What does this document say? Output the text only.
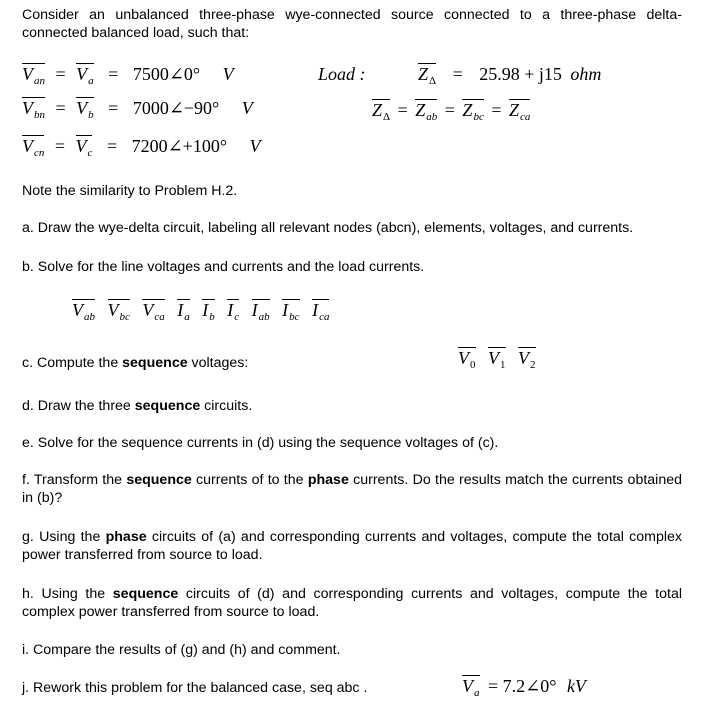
Consider an unbalanced three-phase wye-connected source connected to a three-phase delta-connected balanced load, such that:
$V_{an} = V_a$ = 7500∠0° V
$V_{bn} = V_b$ = 7000∠−90° V
$V_{cn} = V_c$ = 7200∠+100° V
Load :	$Z_\Delta = 25.98 + j15$ ohm
$Z_\Delta = Z_{ab} = Z_{bc} = Z_{ca}$
Note the similarity to Problem H.2.
a. Draw the wye-delta circuit, labeling all relevant nodes (abcn), elements, voltages, and currents.
b. Solve for the line voltages and currents and the load currents.
$V_{ab}$ $V_{bc}$ $V_{ca}$ $I_a$ $I_b$ $I_c$ $I_{ab}$ $I_{bc}$ $I_{ca}$
c. Compute the sequence voltages:	$V_0$ $V_1$ $V_2$
d. Draw the three sequence circuits.
e. Solve for the sequence currents in (d) using the sequence voltages of (c).
f. Transform the sequence currents of to the phase currents. Do the results match the currents obtained in (b)?
g. Using the phase circuits of (a) and corresponding currents and voltages, compute the total complex power transferred from source to load.
h. Using the sequence circuits of (d) and corresponding currents and voltages, compute the total complex power transferred from source to load.
i. Compare the results of (g) and (h) and comment.
j. Rework this problem for the balanced case, seq abc .	$V_a$ = 7.2∠0° kV
